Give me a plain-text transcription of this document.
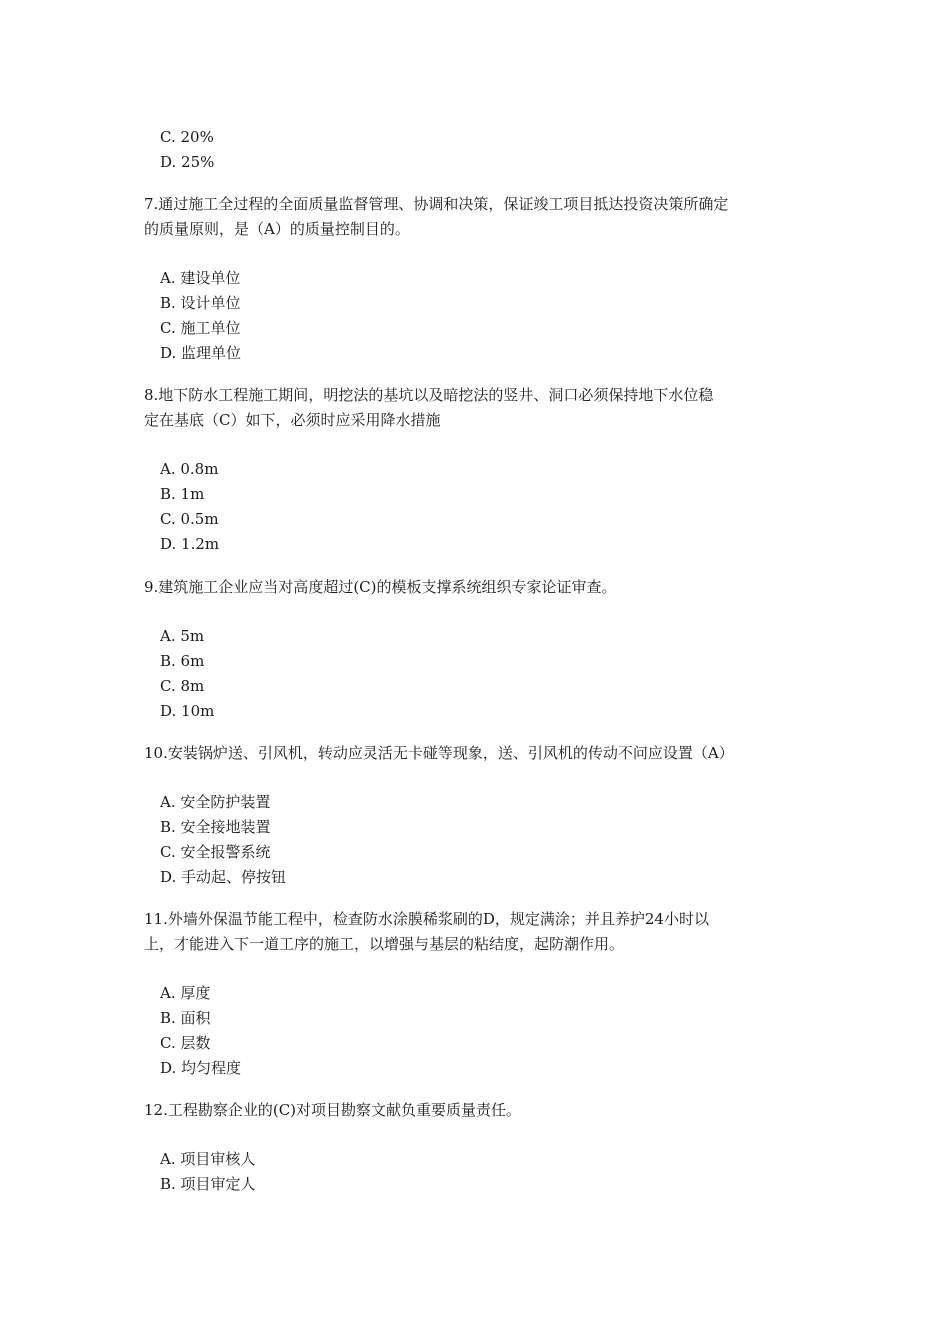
C. 20%
D. 25%
7.通过施工全过程的全面质量监督管理、协调和决策，保证竣工项目抵达投资决策所确定
的质量原则，是（A）的质量控制目的。
A. 建设单位
B. 设计单位
C. 施工单位
D. 监理单位
8.地下防水工程施工期间，明挖法的基坑以及暗挖法的竖井、洞口必须保持地下水位稳
定在基底（C）如下，必须时应采用降水措施
A. 0.8m
B. 1m
C. 0.5m
D. 1.2m
9.建筑施工企业应当对高度超过(C)的模板支撑系统组织专家论证审查。
A. 5m
B. 6m
C. 8m
D. 10m
10.安装锅炉送、引风机，转动应灵活无卡碰等现象，送、引风机的传动不问应设置（A）
A. 安全防护装置
B. 安全接地装置
C. 安全报警系统
D. 手动起、停按钮
11.外墙外保温节能工程中，检查防水涂膜稀浆刷的D，规定满涂；并且养护24小时以
上，才能进入下一道工序的施工，以增强与基层的粘结度，起防潮作用。
A. 厚度
B. 面积
C. 层数
D. 均匀程度
12.工程勘察企业的(C)对项目勘察文献负重要质量责任。
A. 项目审核人
B. 项目审定人
